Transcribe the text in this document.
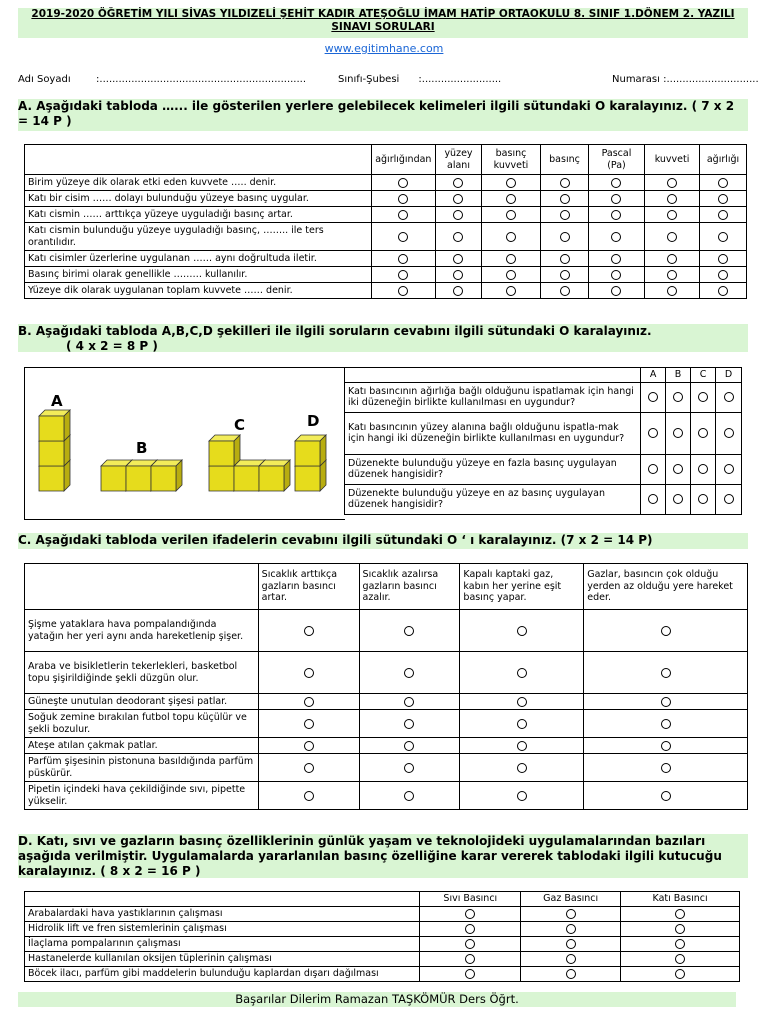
2019-2020 ÖĞRETİM YILI SİVAS YILDIZELİ ŞEHİT KADIR ATEŞOĞLU İMAM HATİP ORTAOKULU 8. SINIF 1.DÖNEM 2. YAZILI SINAVI SORULARI
www.egitimhane.com
Adı Soyadı        :.................................................................	Sınıfı-Şubesi      :.........................	Numarası :.............................
A. Aşağıdaki tabloda …... ile gösterilen yerlere gelebilecek kelimeleri ilgili sütundaki O karalayınız. ( 7 x 2 = 14 P )
	ağırlığından	yüzey alanı	basınç kuvveti	basınç	Pascal (Pa)	kuvveti	ağırlığı
Birim yüzeye dik olarak etki eden kuvvete ….. denir.							
Katı bir cisim …… dolayı bulunduğu yüzeye basınç uygular.							
Katı cismin …… arttıkça yüzeye uyguladığı basınç artar.							
Katı cismin bulunduğu yüzeye uyguladığı basınç, …….. ile ters orantılıdır.							
Katı cisimler üzerlerine uygulanan …… aynı doğrultuda iletir.							
Basınç birimi olarak genellikle ……… kullanılır.							
Yüzeye dik olarak uygulanan toplam kuvvete …… denir.							
B. Aşağıdaki tabloda A,B,C,D şekilleri ile ilgili soruların cevabını ilgili sütundaki O karalayınız.
( 4 x 2 = 8 P )
A
B
C	D
	A	B	C	D
Katı basıncının ağırlığa bağlı olduğunu ispatlamak için hangi iki düzeneğin birlikte kullanılması en uygundur?				
Katı basıncının yüzey alanına bağlı olduğunu ispatla-mak için hangi iki düzeneğin birlikte kullanılması en uygundur?				
Düzenekte bulunduğu yüzeye en fazla basınç uygulayan düzenek hangisidir?				
Düzenekte bulunduğu yüzeye en az basınç uygulayan düzenek hangisidir?				
C. Aşağıdaki tabloda verilen ifadelerin cevabını ilgili sütundaki O ‘ ı karalayınız. (7 x 2 = 14 P)
	Sıcaklık arttıkça gazların basıncı artar.	Sıcaklık azalırsa gazların basıncı azalır.	Kapalı kaptaki gaz, kabın her yerine eşit basınç yapar.	Gazlar, basıncın çok olduğu yerden az olduğu yere hareket eder.
Şişme yataklara hava pompalandığında yatağın her yeri aynı anda hareketlenip şişer.				
Araba ve bisikletlerin tekerlekleri, basketbol topu şişirildiğinde şekli düzgün olur.				
Güneşte unutulan deodorant şişesi patlar.				
Soğuk zemine bırakılan futbol topu küçülür ve şekli bozulur.				
Ateşe atılan çakmak patlar.				
Parfüm şişesinin pistonuna basıldığında parfüm püskürür.				
Pipetin içindeki hava çekildiğinde sıvı, pipette yükselir.				
D. Katı, sıvı ve gazların basınç özelliklerinin günlük yaşam ve teknolojideki uygulamalarından bazıları aşağıda verilmiştir. Uygulamalarda yararlanılan basınç özelliğine karar vererek tablodaki ilgili kutucuğu karalayınız. ( 8 x 2 = 16 P )
	Sıvı Basıncı	Gaz Basıncı	Katı Basıncı
Arabalardaki hava yastıklarının çalışması			
Hidrolik lift ve fren sistemlerinin çalışması			
İlaçlama pompalarının çalışması			
Hastanelerde kullanılan oksijen tüplerinin çalışması			
Böcek ilacı, parfüm gibi maddelerin bulunduğu kaplardan dışarı dağılması			
Başarılar Dilerim Ramazan TAŞKÖMÜR Ders Öğrt.
